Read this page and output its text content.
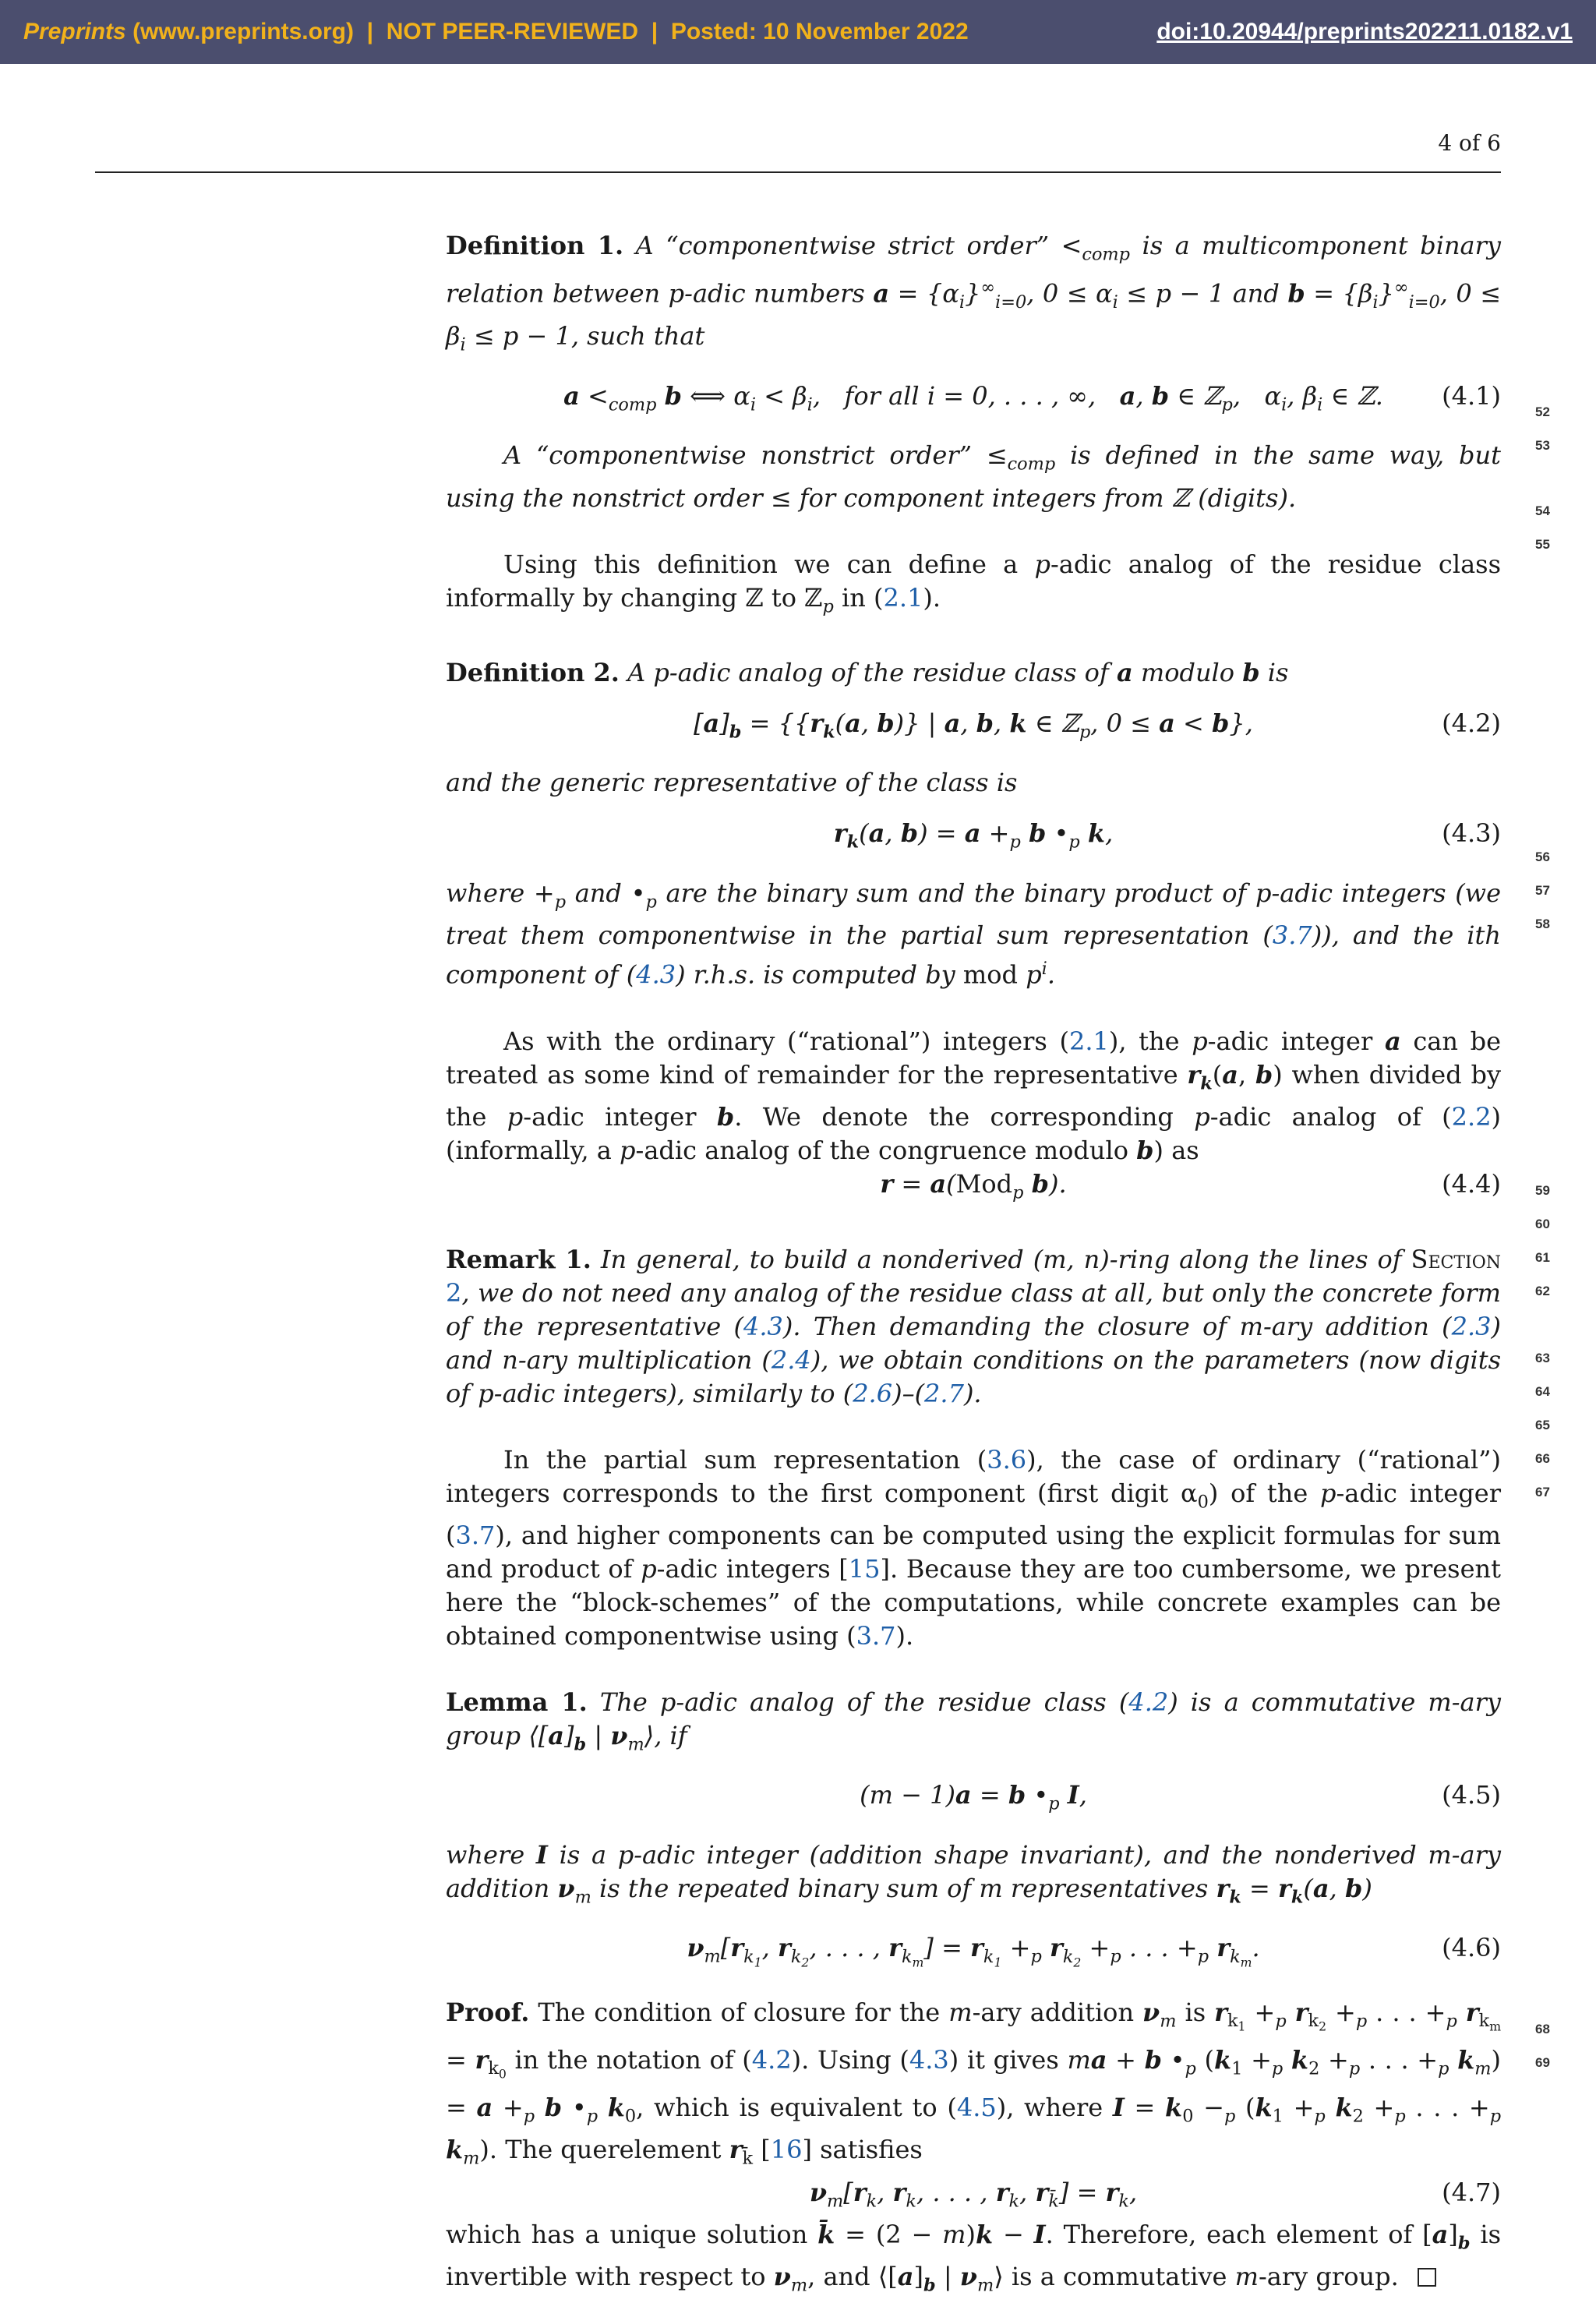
Preprints (www.preprints.org) | NOT PEER-REVIEWED | Posted: 10 November 2022	doi:10.20944/preprints202211.0182.v1
4 of 6
52
53
54
55
56
57
58
59
60
61
62
63
64
65
66
67
68
69

Definition 1. A “componentwise strict order” $<_{comp}$ is a multicomponent binary relation between p-adic numbers $a = \{\alpha_i\}^\infty_{i=0}$, $0 \le \alpha_i \le p - 1$ and $b = \{\beta_i\}^\infty_{i=0}$, $0 \le \beta_i \le p - 1$, such that

$a <_{comp}$ b ⟺ $\alpha_i < \beta_i$,   for all i = 0, . . . , ∞,   a, b ∈ ℤ$_p$,   $\alpha_i$, $\beta_i$ ∈ ℤ. (4.1)

A “componentwise nonstrict order” $\le_{comp}$ is defined in the same way, but using the nonstrict order ≤ for component integers from ℤ (digits).

Using this definition we can define a p-adic analog of the residue class informally by changing ℤ to ℤ$_p$ in (2.1).

Definition 2. A p-adic analog of the residue class of a modulo b is

$[a]_b = \{\{r_k(a$, b)} | a, b, k ∈ ℤ$_p$, 0 ≤ a < b},	(4.2)

and the generic representative of the class is

$r_k(a$, $b) = a +_p$ b $•_p$ k,	(4.3)

where $+_p$ and $•_p$ are the binary sum and the binary product of p-adic integers (we treat them componentwise in the partial sum representation (3.7)), and the ith component of (4.3) r.h.s. is computed by mod $p^i$.

As with the ordinary (“rational”) integers (2.1), the p-adic integer a can be treated as some kind of remainder for the representative $r_k(a$, b) when divided by the p-adic integer b. We denote the corresponding p-adic analog of (2.2) (informally, a p-adic analog of the congruence modulo b) as

r = a(Mod$_p$ b).	(4.4)

Remark 1. In general, to build a nonderived (m, n)-ring along the lines of Section 2, we do not need any analog of the residue class at all, but only the concrete form of the representative (4.3). Then demanding the closure of m-ary addition (2.3) and n-ary multiplication (2.4), we obtain conditions on the parameters (now digits of p-adic integers), similarly to (2.6)–(2.7).

In the partial sum representation (3.6), the case of ordinary (“rational”) integers corresponds to the first component (first digit $\alpha_0$) of the p-adic integer (3.7), and higher components can be computed using the explicit formulas for sum and product of p-adic integers [15]. Because they are too cumbersome, we present here the “block-schemes” of the computations, while concrete examples can be obtained componentwise using (3.7).

Lemma 1. The p-adic analog of the residue class (4.2) is a commutative m-ary group $⟨[a]_b$ | $\nu_m⟩$, if

(m − 1)a = b $•_p$ I,	(4.5)

where I is a p-adic integer (addition shape invariant), and the nonderived m-ary addition $\nu_m$ is the repeated binary sum of m representatives $r_k = r_k(a$, b)

$\nu_m[r_{k_1}$, $r_{k_2}$, . . . , $r_{k_m}] = r_{k_1} +_p$ $r_{k_2} +_p$ . . . $+_p$ $r_{k_m}$.	(4.6)

Proof. The condition of closure for the m-ary addition $\nu_m$ is $r_{k_1} +_p$ $r_{k_2} +_p$ . . . $+_p$ $r_{k_m} = r_{k_0}$ in the notation of (4.2). Using (4.3) it gives ma + b $•_p$ ($k_1 +_p$ $k_2 +_p$ . . . $+_p$ $k_m) = a +_p$ b $•_p$ $k_0$, which is equivalent to (4.5), where $I = k_0 -_p$ ($k_1 +_p$ $k_2 +_p$ . . . $+_p$ $k_m$). The querelement $r_{k̄}$ [16] satisfies

$\nu_m[r_k$, $r_k$, . . . , $r_k$, $r_{k̄}] = r_k$,	(4.7)

which has a unique solution k̄ = (2 − m)k − I. Therefore, each element of $[a]_b$ is invertible with respect to $\nu_m$, and $⟨[a]_b$ | $\nu_m⟩$ is a commutative m-ary group.
